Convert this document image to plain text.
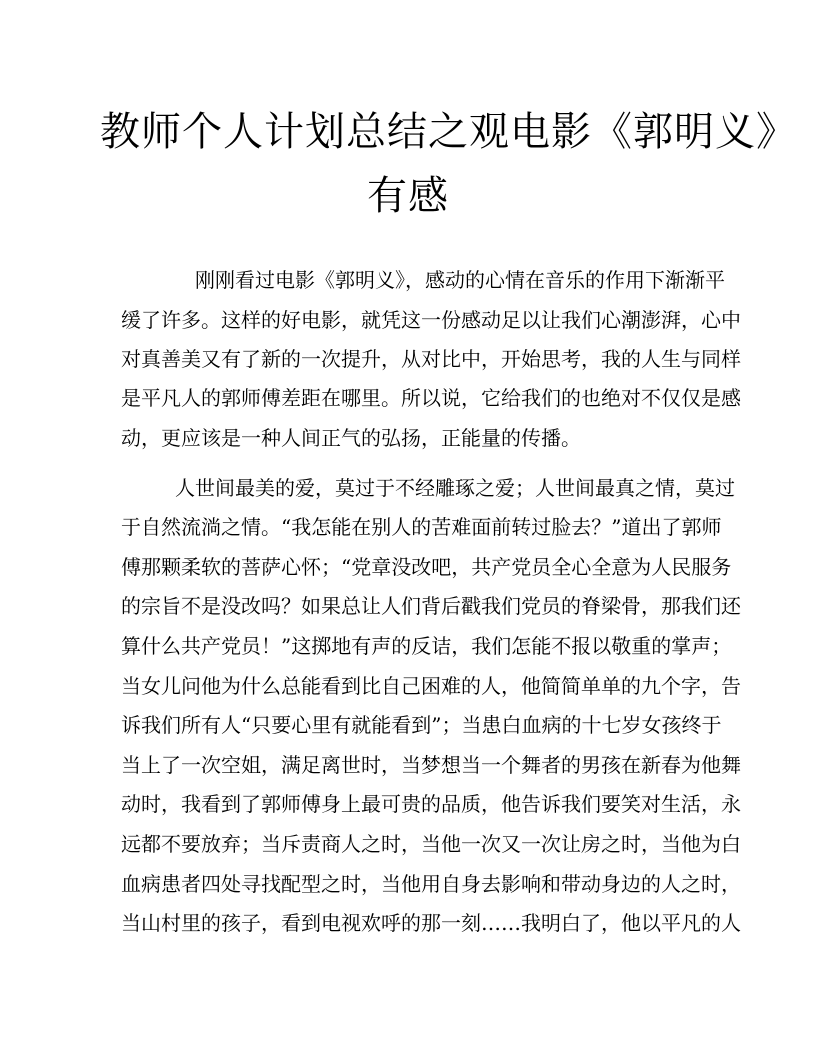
教师个人计划总结之观电影《郭明义》
有感
刚刚看过电影《郭明义》，感动的心情在音乐的作用下渐渐平
缓了许多。这样的好电影，就凭这一份感动足以让我们心潮澎湃，心中
对真善美又有了新的一次提升，从对比中，开始思考，我的人生与同样
是平凡人的郭师傅差距在哪里。所以说，它给我们的也绝对不仅仅是感
动，更应该是一种人间正气的弘扬，正能量的传播。
人世间最美的爱，莫过于不经雕琢之爱；人世间最真之情，莫过
于自然流淌之情。“我怎能在别人的苦难面前转过脸去？”道出了郭师
傅那颗柔软的菩萨心怀；“党章没改吧，共产党员全心全意为人民服务
的宗旨不是没改吗？如果总让人们背后戳我们党员的脊梁骨，那我们还
算什么共产党员！”这掷地有声的反诘，我们怎能不报以敬重的掌声；
当女儿问他为什么总能看到比自己困难的人，他简简单单的九个字，告
诉我们所有人“只要心里有就能看到”；当患白血病的十七岁女孩终于
当上了一次空姐，满足离世时，当梦想当一个舞者的男孩在新春为他舞
动时，我看到了郭师傅身上最可贵的品质，他告诉我们要笑对生活，永
远都不要放弃；当斥责商人之时，当他一次又一次让房之时，当他为白
血病患者四处寻找配型之时，当他用自身去影响和带动身边的人之时，
当山村里的孩子，看到电视欢呼的那一刻……我明白了，他以平凡的人
